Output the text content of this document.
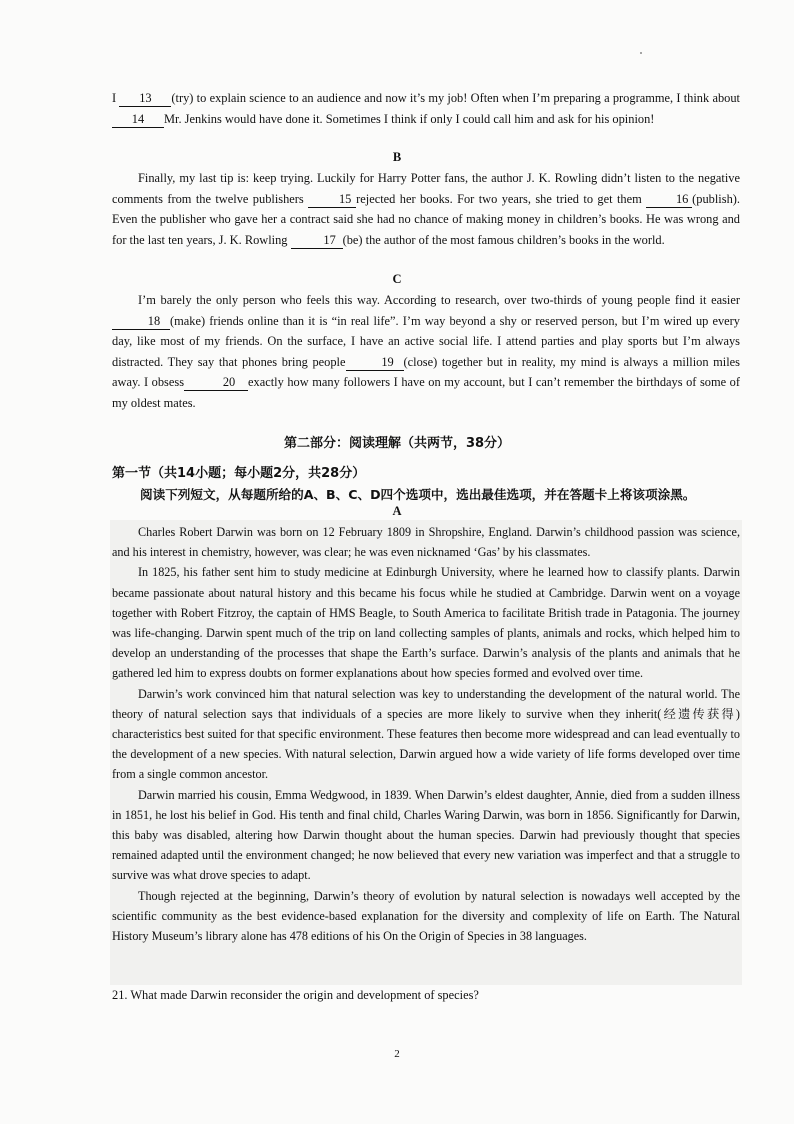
I 13 (try) to explain science to an audience and now it’s my job! Often when I’m preparing a programme, I think about 14 Mr. Jenkins would have done it. Sometimes I think if only I could call him and ask for his opinion!

B

Finally, my last tip is: keep trying. Luckily for Harry Potter fans, the author J. K. Rowling didn’t listen to the negative comments from the twelve publishers 15 rejected her books. For two years, she tried to get them 16 (publish). Even the publisher who gave her a contract said she had no chance of making money in children’s books. He was wrong and for the last ten years, J. K. Rowling	17 (be) the author of the most famous children’s books in the world.

C

I’m barely the only person who feels this way. According to research, over two-thirds of young people find it easier18 (make) friends online than it is “in real life”. I’m way beyond a shy or reserved person, but I’m wired up every day, like most of my friends. On the surface, I have an active social life. I attend parties and play sports but I’m always distracted. They say that phones bring people	19 (close) together but in reality, my mind is always a million miles away. I obsess	20 exactly how many followers I have on my account, but I can’t remember the birthdays of some of my oldest mates.

第二部分：阅读理解（共两节，38分）
第一节（共14小题；每小题2分，共28分）
阅读下列短文，从每题所给的A、B、C、D四个选项中，选出最佳选项，并在答题卡上将该项涂黑。
A

Charles Robert Darwin was born on 12 February 1809 in Shropshire, England. Darwin’s childhood passion was science, and his interest in chemistry, however, was clear; he was even nicknamed ‘Gas’ by his classmates.

In 1825, his father sent him to study medicine at Edinburgh University, where he learned how to classify plants. Darwin became passionate about natural history and this became his focus while he studied at Cambridge. Darwin went on a voyage together with Robert Fitzroy, the captain of HMS Beagle, to South America to facilitate British trade in Patagonia. The journey was life-changing. Darwin spent much of the trip on land collecting samples of plants, animals and rocks, which helped him to develop an understanding of the processes that shape the Earth’s surface. Darwin’s analysis of the plants and animals that he gathered led him to express doubts on former explanations about how species formed and evolved over time.

Darwin’s work convinced him that natural selection was key to understanding the development of the natural world. The theory of natural selection says that individuals of a species are more likely to survive when they inherit(经遗传获得) characteristics best suited for that specific environment. These features then become more widespread and can lead eventually to the development of a new species. With natural selection, Darwin argued how a wide variety of life forms developed over time from a single common ancestor.

Darwin married his cousin, Emma Wedgwood, in 1839. When Darwin’s eldest daughter, Annie, died from a sudden illness in 1851, he lost his belief in God. His tenth and final child, Charles Waring Darwin, was born in 1856. Significantly for Darwin, this baby was disabled, altering how Darwin thought about the human species. Darwin had previously thought that species remained adapted until the environment changed; he now believed that every new variation was imperfect and that a struggle to survive was what drove species to adapt.

Though rejected at the beginning, Darwin’s theory of evolution by natural selection is nowadays well accepted by the scientific community as the best evidence-based explanation for the diversity and complexity of life on Earth. The Natural History Museum’s library alone has 478 editions of his On the Origin of Species in 38 languages.

21. What made Darwin reconsider the origin and development of species?
2
